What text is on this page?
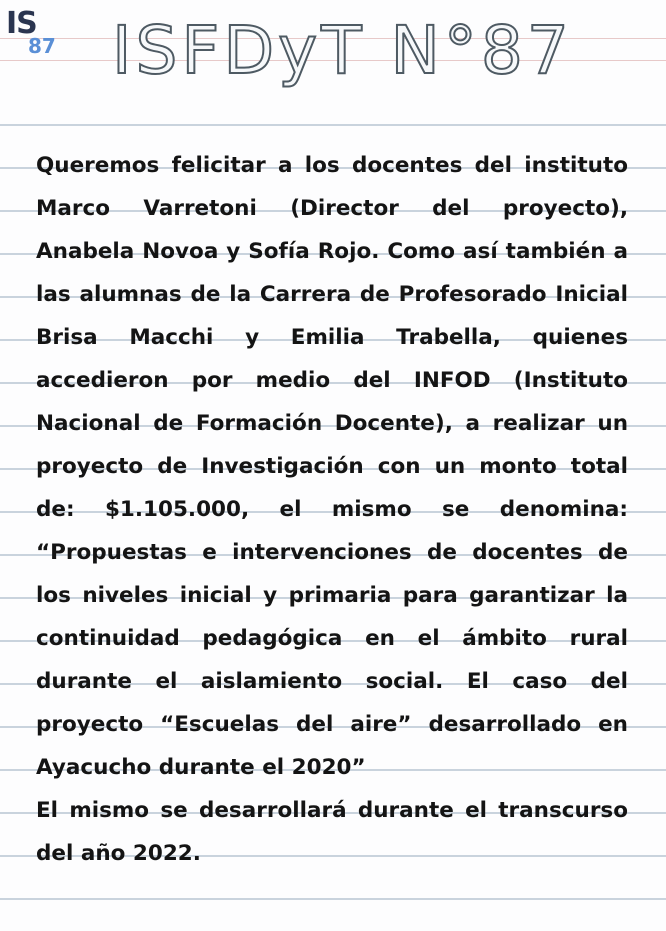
IS
87 ISFDyT N°87

Queremos felicitar a los docentes del instituto Marco Varretoni (Director del proyecto), Anabela Novoa y Sofía Rojo. Como así también a las alumnas de la Carrera de Profesorado Inicial Brisa Macchi y Emilia Trabella, quienes accedieron por medio del INFOD (Instituto Nacional de Formación Docente), a realizar un proyecto de Investigación con un monto total de: $1.105.000, el mismo se denomina: “Propuestas e intervenciones de docentes de los niveles inicial y primaria para garantizar la continuidad pedagógica en el ámbito rural durante el aislamiento social. El caso del proyecto “Escuelas del aire” desarrollado en Ayacucho durante el 2020”

El mismo se desarrollará durante el transcurso del año 2022.
